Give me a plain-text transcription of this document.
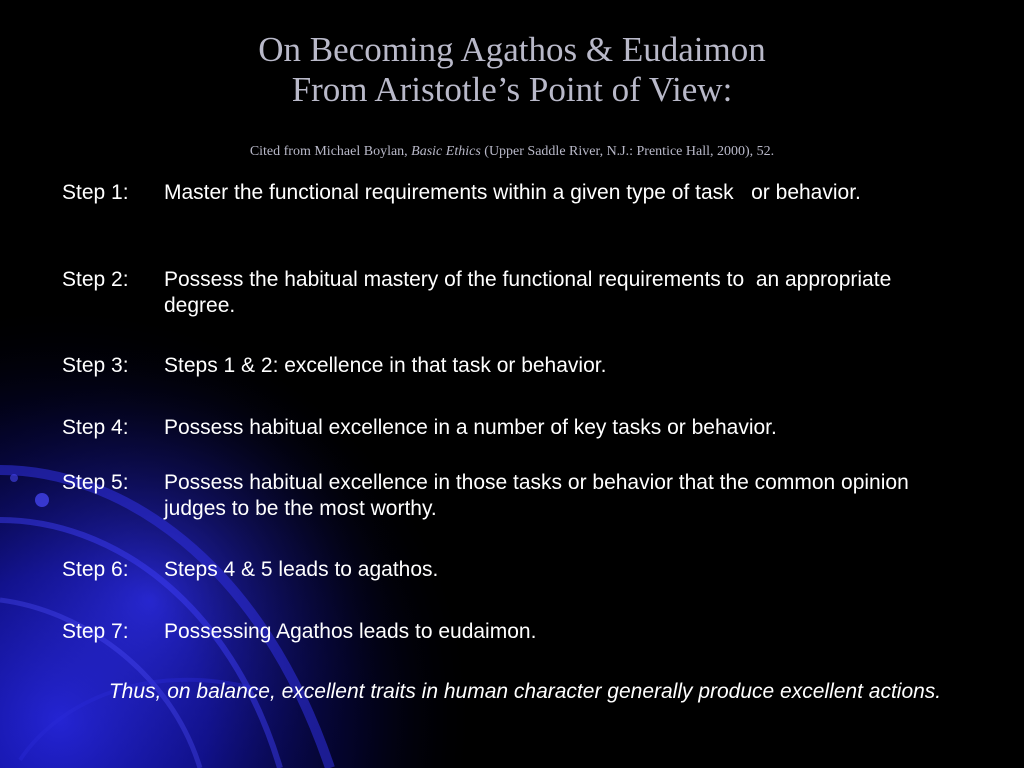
On Becoming Agathos & Eudaimon
From Aristotle’s Point of View:
Cited from Michael Boylan, Basic Ethics (Upper Saddle River, N.J.: Prentice Hall, 2000), 52.
Step 1: Master the functional requirements within a given type of task   or behavior.
Step 2: Possess the habitual mastery of the functional requirements to  an appropriate degree.
Step 3: Steps 1 & 2: excellence in that task or behavior.
Step 4: Possess habitual excellence in a number of key tasks or behavior.
Step 5: Possess habitual excellence in those tasks or behavior that the common opinion judges to be the most worthy.
Step 6: Steps 4 & 5 leads to agathos.
Step 7: Possessing Agathos leads to eudaimon.
Thus, on balance, excellent traits in human character generally produce excellent actions.
